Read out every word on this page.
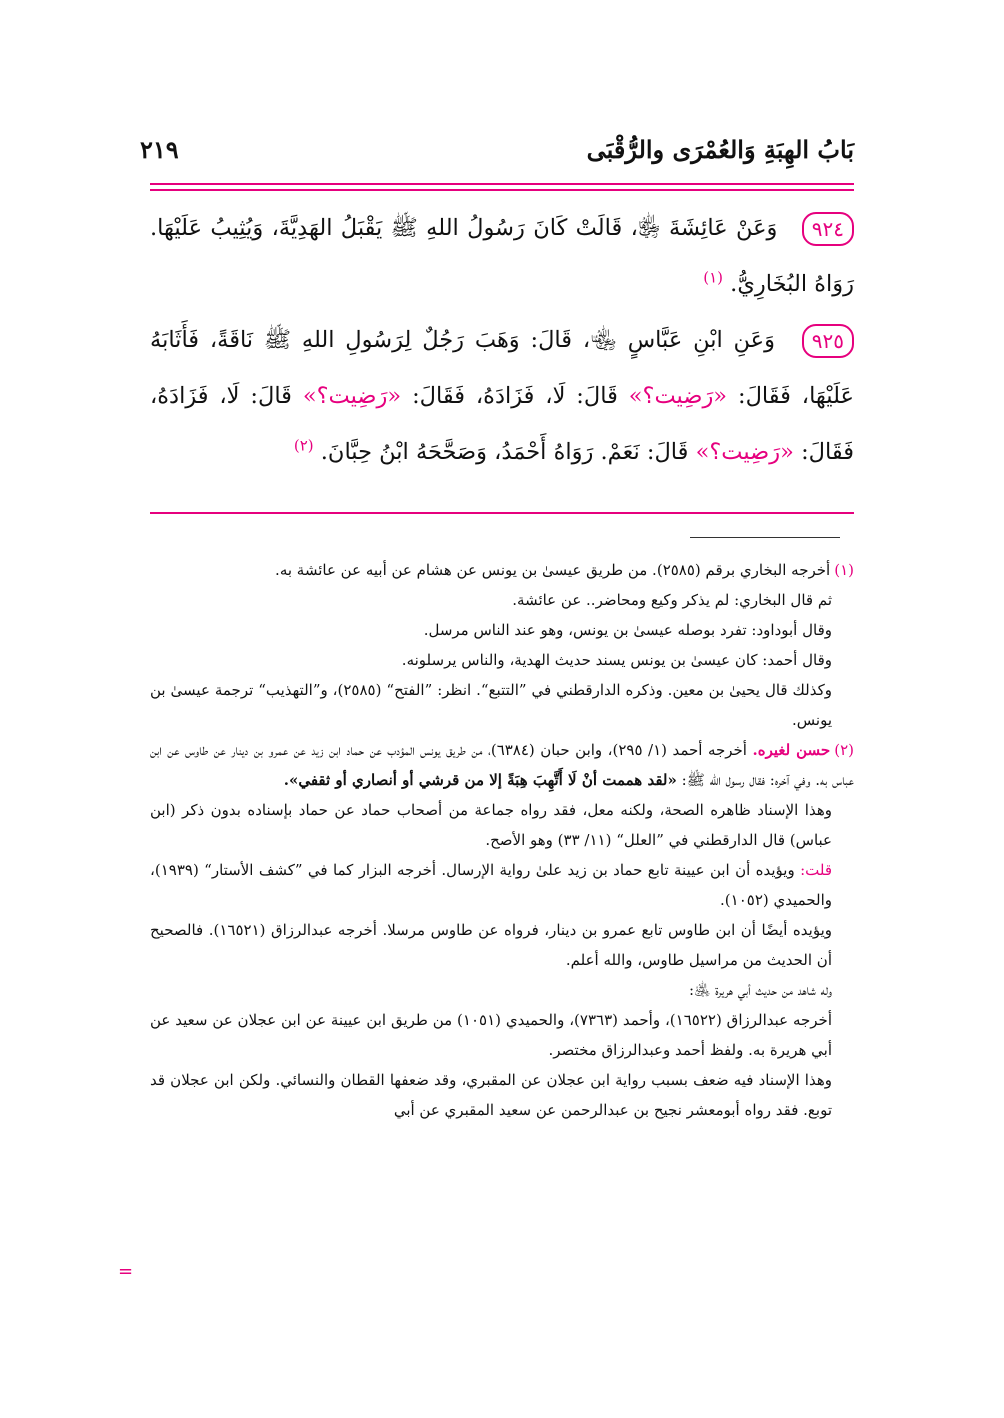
بَابُ الهِبَةِ وَالعُمْرَى والرُّقْبَى
٢١٩

٩٢٤ وَعَنْ عَائِشَةَ ﵂، قَالَتْ كَانَ رَسُولُ اللهِ ﷺ يَقْبَلُ الهَدِيَّةَ، وَيُثِيبُ عَلَيْهَا. رَوَاهُ البُخَارِيُّ. $^{(١)}$

٩٢٥ وَعَنِ ابْنِ عَبَّاسٍ ﵄، قَالَ: وَهَبَ رَجُلٌ لِرَسُولِ اللهِ ﷺ نَاقَةً، فَأَثَابَهُ عَلَيْهَا، فَقَالَ: «رَضِيت؟» قَالَ: لَا، فَزَادَهُ، فَقَالَ: «رَضِيت؟» قَالَ: لَا، فَزَادَهُ، فَقَالَ: «رَضِيت؟» قَالَ: نَعَمْ. رَوَاهُ أَحْمَدُ، وَصَحَّحَهُ ابْنُ حِبَّانَ. $^{(٢)}$

(١)أخرجه البخاري برقم (٢٥٨٥). من طريق عيسىٰ بن يونس عن هشام عن أبيه عن عائشة به.

ثم قال البخاري: لم يذكر وكيع ومحاضر.. عن عائشة.

وقال أبوداود: تفرد بوصله عيسىٰ بن يونس، وهو عند الناس مرسل.

وقال أحمد: كان عيسىٰ بن يونس يسند حديث الهدية، والناس يرسلونه.

وكذلك قال يحيىٰ بن معين. وذكره الدارقطني في ”التتبع“. انظر: ”الفتح“ (٢٥٨٥)، و”التهذيب“ ترجمة عيسىٰ بن يونس.

(٢)حسن لغيره. أخرجه أحمد (١/ ٢٩٥)، وابن حبان (٦٣٨٤)، من طريق يونس المؤدب عن حماد ابن زيد عن عمرو بن دينار عن طاوس عن ابن عباس به. وفي آخره: فقال رسول الله ﷺ: «لقد هممت أنْ لَا أَتَّهِبَ هِبَةً إلا من قرشي أو أنصاري أو ثقفي».

وهذا الإسناد ظاهره الصحة، ولكنه معل، فقد رواه جماعة من أصحاب حماد عن حماد بإسناده بدون ذكر (ابن عباس) قال الدارقطني في ”العلل“ (١١/ ٣٣) وهو الأصح.

قلت: ويؤيده أن ابن عيينة تابع حماد بن زيد علىٰ رواية الإرسال. أخرجه البزار كما في ”كشف الأستار“ (١٩٣٩)، والحميدي (١٠٥٢).

ويؤيده أيضًا أن ابن طاوس تابع عمرو بن دينار، فرواه عن طاوس مرسلا. أخرجه عبدالرزاق (١٦٥٢١). فالصحيح أن الحديث من مراسيل طاوس، والله أعلم.

وله شاهد من حديث أبي هريرة ﵁:

أخرجه عبدالرزاق (١٦٥٢٢)، وأحمد (٧٣٦٣)، والحميدي (١٠٥١) من طريق ابن عيينة عن ابن عجلان عن سعيد عن أبي هريرة به. ولفظ أحمد وعبدالرزاق مختصر.

وهذا الإسناد فيه ضعف بسبب رواية ابن عجلان عن المقبري، وقد ضعفها القطان والنسائي. ولكن ابن عجلان قد توبع. فقد رواه أبومعشر نجيح بن عبدالرحمن عن سعيد المقبري عن أبي

=
